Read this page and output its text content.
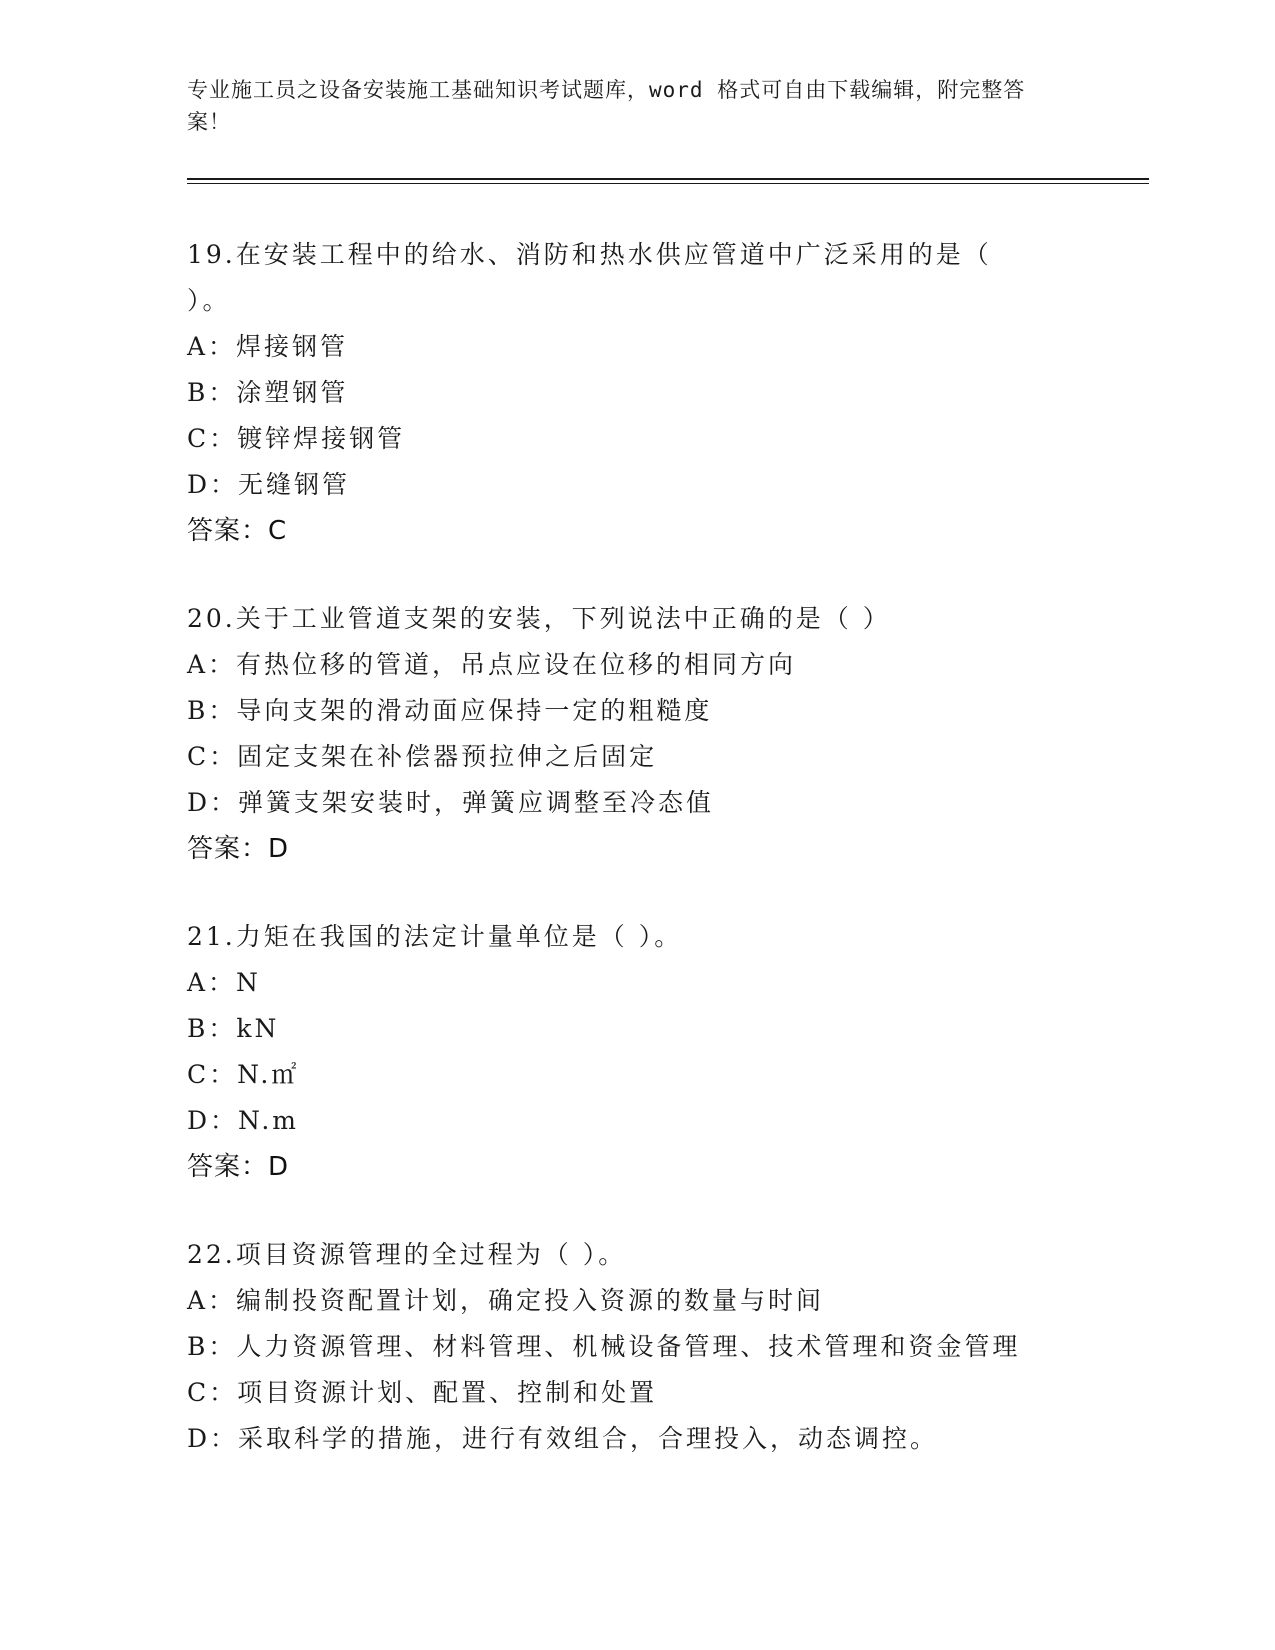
专业施工员之设备安装施工基础知识考试题库，word 格式可自由下载编辑，附完整答案！
19.在安装工程中的给水、消防和热水供应管道中广泛采用的是（ ）。
A：焊接钢管
B：涂塑钢管
C：镀锌焊接钢管
D：无缝钢管
答案：C
20.关于工业管道支架的安装，下列说法中正确的是（ ）
A：有热位移的管道，吊点应设在位移的相同方向
B：导向支架的滑动面应保持一定的粗糙度
C：固定支架在补偿器预拉伸之后固定
D：弹簧支架安装时，弹簧应调整至冷态值
答案：D
21.力矩在我国的法定计量单位是（ ）。
A：N
B：kN
C：N.㎡
D：N.m
答案：D
22.项目资源管理的全过程为（ ）。
A：编制投资配置计划，确定投入资源的数量与时间
B：人力资源管理、材料管理、机械设备管理、技术管理和资金管理
C：项目资源计划、配置、控制和处置
D：采取科学的措施，进行有效组合，合理投入，动态调控。
